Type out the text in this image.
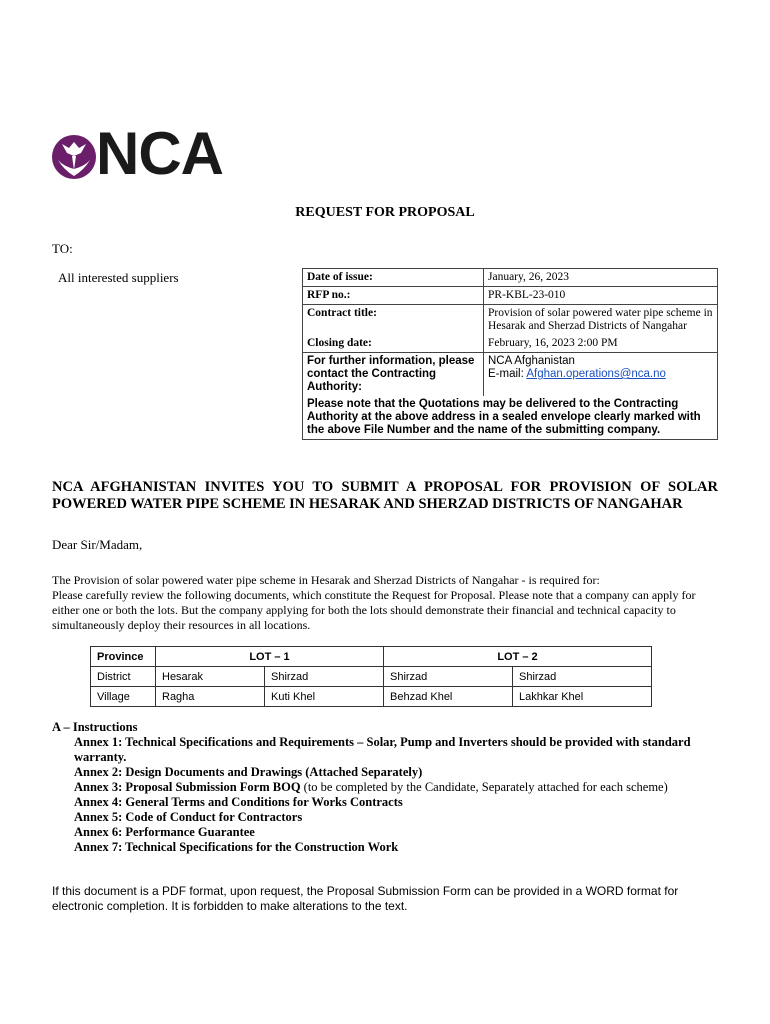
NCA
REQUEST FOR PROPOSAL
TO:
All interested suppliers	Date of issue:	January, 26, 2023
RFP no.:	PR-KBL-23-010
Contract title:	Provision of solar powered water pipe scheme in Hesarak and Sherzad Districts of Nangahar
Closing date:	February, 16, 2023 2:00 PM
For further information, please contact the Contracting Authority:	NCA Afghanistan
E-mail: Afghan.operations@nca.no

Please note that the Quotations may be delivered to the Contracting Authority at the above address in a sealed envelope clearly marked with the above File Number and the name of the submitting company.	
NCA AFGHANISTAN INVITES YOU TO SUBMIT A PROPOSAL FOR PROVISION OF SOLAR POWERED WATER PIPE SCHEME IN HESARAK AND SHERZAD DISTRICTS OF NANGAHAR
Dear Sir/Madam,

The Provision of solar powered water pipe scheme in Hesarak and Sherzad Districts of Nangahar - is required for:

Please carefully review the following documents, which constitute the Request for Proposal. Please note that a company can apply for either one or both the lots. But the company applying for both the lots should demonstrate their financial and technical capacity to simultaneously deploy their resources in all locations.

Province	LOT – 1		LOT – 2	
District	Hesarak	Shirzad	Shirzad	Shirzad
Village	Ragha	Kuti Khel	Behzad Khel	Lakhkar Khel
A – Instructions
Annex 1: Technical Specifications and Requirements – Solar, Pump and Inverters should be provided with standard warranty.
Annex 2: Design Documents and Drawings (Attached Separately)
Annex 3: Proposal Submission Form BOQ (to be completed by the Candidate, Separately attached for each scheme)
Annex 4: General Terms and Conditions for Works Contracts
Annex 5: Code of Conduct for Contractors
Annex 6: Performance Guarantee
Annex 7: Technical Specifications for the Construction Work
If this document is a PDF format, upon request, the Proposal Submission Form can be provided in a WORD format for electronic completion. It is forbidden to make alterations to the text.
